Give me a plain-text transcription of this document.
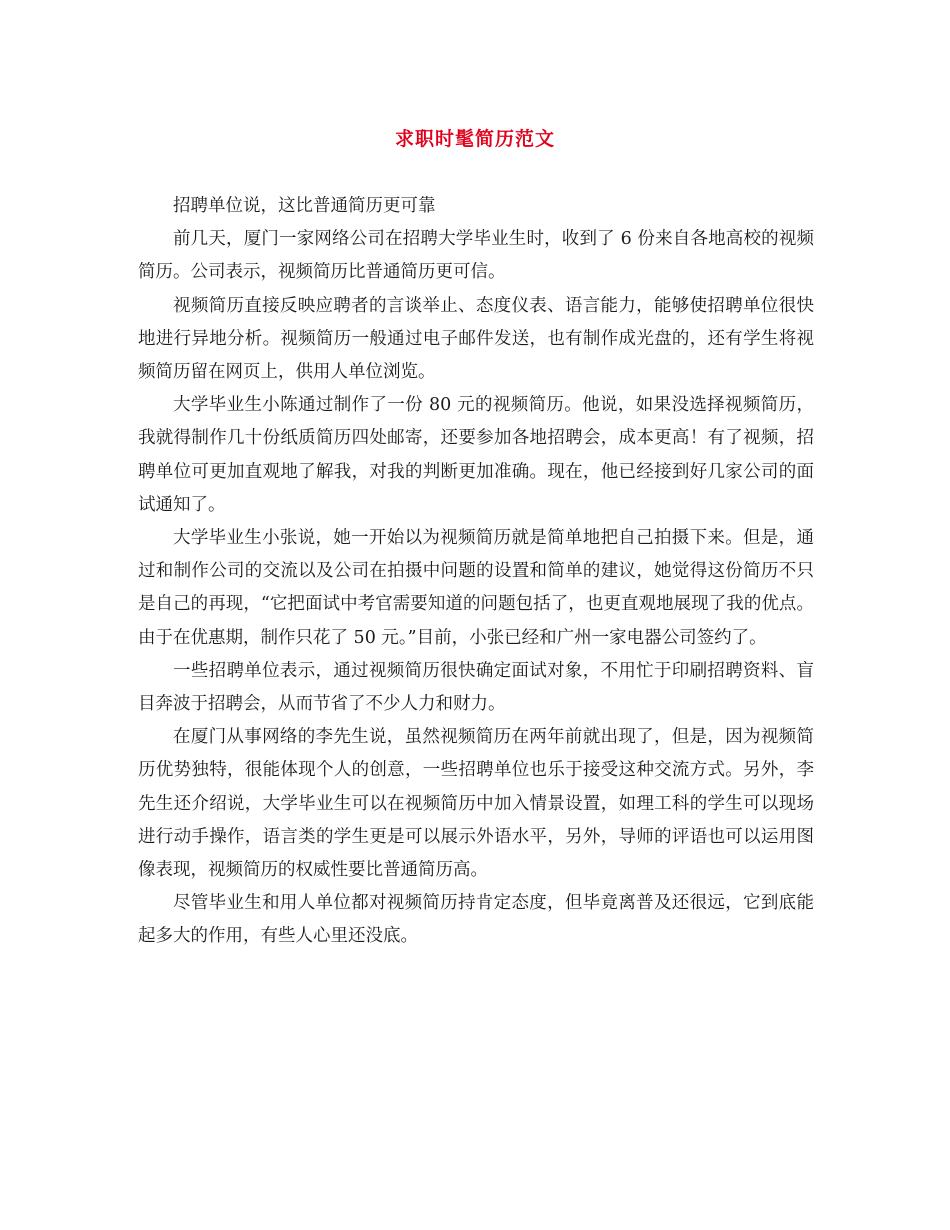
求职时髦简历范文

招聘单位说，这比普通简历更可靠

前几天，厦门一家网络公司在招聘大学毕业生时，收到了 6 份来自各地高校的视频简历。公司表示，视频简历比普通简历更可信。

视频简历直接反映应聘者的言谈举止、态度仪表、语言能力，能够使招聘单位很快地进行异地分析。视频简历一般通过电子邮件发送，也有制作成光盘的，还有学生将视频简历留在网页上，供用人单位浏览。

大学毕业生小陈通过制作了一份 80 元的视频简历。他说，如果没选择视频简历，我就得制作几十份纸质简历四处邮寄，还要参加各地招聘会，成本更高！有了视频，招聘单位可更加直观地了解我，对我的判断更加准确。现在，他已经接到好几家公司的面试通知了。

大学毕业生小张说，她一开始以为视频简历就是简单地把自己拍摄下来。但是，通过和制作公司的交流以及公司在拍摄中问题的设置和简单的建议，她觉得这份简历不只是自己的再现，“它把面试中考官需要知道的问题包括了，也更直观地展现了我的优点。由于在优惠期，制作只花了 50 元。”目前，小张已经和广州一家电器公司签约了。

一些招聘单位表示，通过视频简历很快确定面试对象，不用忙于印刷招聘资料、盲目奔波于招聘会，从而节省了不少人力和财力。

在厦门从事网络的李先生说，虽然视频简历在两年前就出现了，但是，因为视频简历优势独特，很能体现个人的创意，一些招聘单位也乐于接受这种交流方式。另外，李先生还介绍说，大学毕业生可以在视频简历中加入情景设置，如理工科的学生可以现场进行动手操作，语言类的学生更是可以展示外语水平，另外，导师的评语也可以运用图像表现，视频简历的权威性要比普通简历高。

尽管毕业生和用人单位都对视频简历持肯定态度，但毕竟离普及还很远，它到底能起多大的作用，有些人心里还没底。
